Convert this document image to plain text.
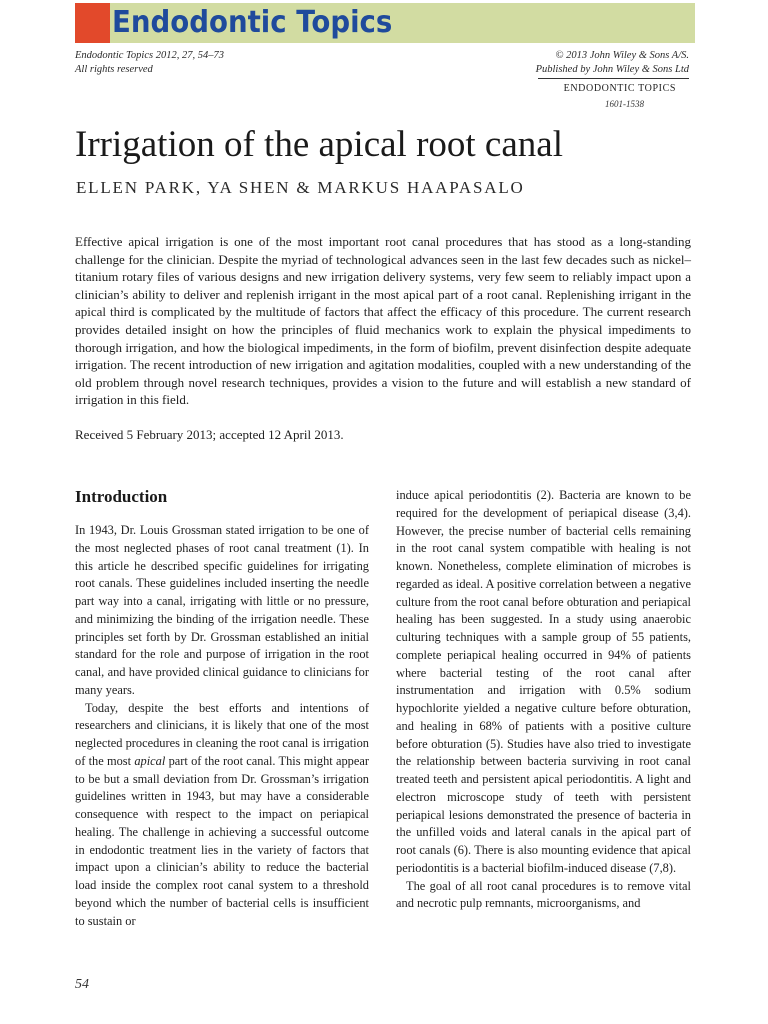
Endodontic Topics
Endodontic Topics 2012, 27, 54–73
All rights reserved
© 2013 John Wiley & Sons A/S.
Published by John Wiley & Sons Ltd
ENDODONTIC TOPICS
1601-1538
Irrigation of the apical root canal
ELLEN PARK, YA SHEN & MARKUS HAAPASALO

Effective apical irrigation is one of the most important root canal procedures that has stood as a long-standing challenge for the clinician. Despite the myriad of technological advances seen in the last few decades such as nickel–titanium rotary files of various designs and new irrigation delivery systems, very few seem to reliably impact upon a clinician’s ability to deliver and replenish irrigant in the most apical part of a root canal. Replenishing irrigant in the apical third is complicated by the multitude of factors that affect the efficacy of this procedure. The current research provides detailed insight on how the principles of fluid mechanics work to explain the physical impediments to thorough irrigation, and how the biological impediments, in the form of biofilm, prevent disinfection despite adequate irrigation. The recent introduction of new irrigation and agitation modalities, coupled with a new understanding of the old problem through novel research techniques, provides a vision to the future and will establish a new standard of irrigation in this field.

Received 5 February 2013; accepted 12 April 2013.

Introduction

In 1943, Dr. Louis Grossman stated irrigation to be one of the most neglected phases of root canal treatment (1). In this article he described specific guidelines for irrigating root canals. These guidelines included inserting the needle part way into a canal, irrigating with little or no pressure, and minimizing the binding of the irrigation needle. These principles set forth by Dr. Grossman established an initial standard for the role and purpose of irrigation in the root canal, and have provided clinical guidance to clinicians for many years.

Today, despite the best efforts and intentions of researchers and clinicians, it is likely that one of the most neglected procedures in cleaning the root canal is irrigation of the most apical part of the root canal. This might appear to be but a small deviation from Dr. Grossman’s irrigation guidelines written in 1943, but may have a considerable consequence with respect to the impact on periapical healing. The challenge in achieving a successful outcome in endodontic treatment lies in the variety of factors that impact upon a clinician’s ability to reduce the bacterial load inside the complex root canal system to a threshold beyond which the number of bacterial cells is insufficient to sustain or

induce apical periodontitis (2). Bacteria are known to be required for the development of periapical disease (3,4). However, the precise number of bacterial cells remaining in the root canal system compatible with healing is not known. Nonetheless, complete elimination of microbes is regarded as ideal. A positive correlation between a negative culture from the root canal before obturation and periapical healing has been suggested. In a study using anaerobic culturing techniques with a sample group of 55 patients, complete periapical healing occurred in 94% of patients where bacterial testing of the root canal after instrumentation and irrigation with 0.5% sodium hypochlorite yielded a negative culture before obturation, and healing in 68% of patients with a positive culture before obturation (5). Studies have also tried to investigate the relationship between bacteria surviving in root canal treated teeth and persistent apical periodontitis. A light and electron microscope study of teeth with persistent periapical lesions demonstrated the presence of bacteria in the unfilled voids and lateral canals in the apical part of root canals (6). There is also mounting evidence that apical periodontitis is a bacterial biofilm-induced disease (7,8).

The goal of all root canal procedures is to remove vital and necrotic pulp remnants, microorganisms, and

54
